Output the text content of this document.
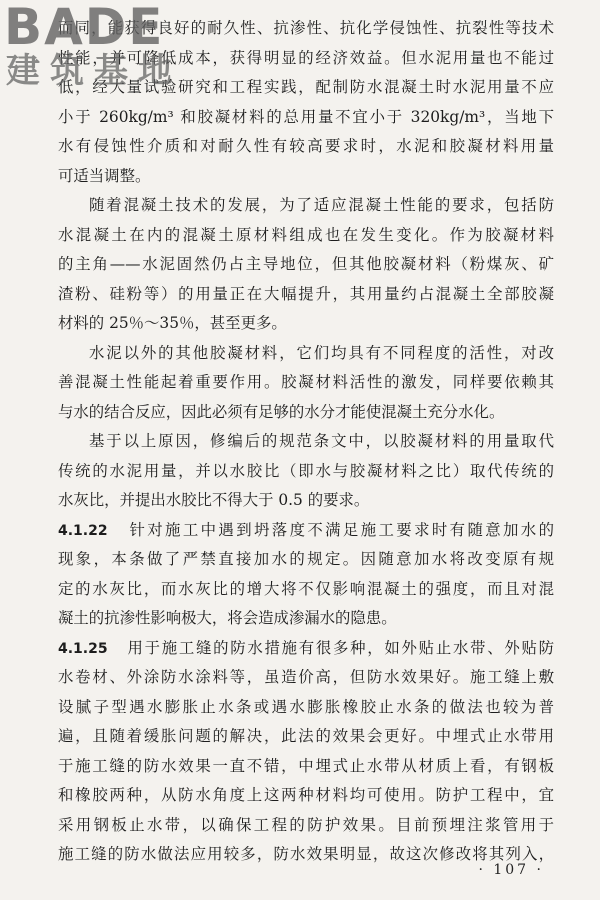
BADE
建筑基地
而同，能获得良好的耐久性、抗渗性、抗化学侵蚀性、抗裂性等技术
性能，并可降低成本，获得明显的经济效益。但水泥用量也不能过
低，经大量试验研究和工程实践，配制防水混凝土时水泥用量不应
小于 260kg/m³ 和胶凝材料的总用量不宜小于 320kg/m³，当地下
水有侵蚀性介质和对耐久性有较高要求时，水泥和胶凝材料用量
可适当调整。
随着混凝土技术的发展，为了适应混凝土性能的要求，包括防
水混凝土在内的混凝土原材料组成也在发生变化。作为胶凝材料
的主角——水泥固然仍占主导地位，但其他胶凝材料（粉煤灰、矿
渣粉、硅粉等）的用量正在大幅提升，其用量约占混凝土全部胶凝
材料的 25％～35％，甚至更多。
水泥以外的其他胶凝材料，它们均具有不同程度的活性，对改
善混凝土性能起着重要作用。胶凝材料活性的激发，同样要依赖其
与水的结合反应，因此必须有足够的水分才能使混凝土充分水化。
基于以上原因，修编后的规范条文中，以胶凝材料的用量取代
传统的水泥用量，并以水胶比（即水与胶凝材料之比）取代传统的
水灰比，并提出水胶比不得大于 0.5 的要求。
4.1.22 针对施工中遇到坍落度不满足施工要求时有随意加水的
现象，本条做了严禁直接加水的规定。因随意加水将改变原有规
定的水灰比，而水灰比的增大将不仅影响混凝土的强度，而且对混
凝土的抗渗性影响极大，将会造成渗漏水的隐患。
4.1.25 用于施工缝的防水措施有很多种，如外贴止水带、外贴防
水卷材、外涂防水涂料等，虽造价高，但防水效果好。施工缝上敷
设腻子型遇水膨胀止水条或遇水膨胀橡胶止水条的做法也较为普
遍，且随着缓胀问题的解决，此法的效果会更好。中埋式止水带用
于施工缝的防水效果一直不错，中埋式止水带从材质上看，有钢板
和橡胶两种，从防水角度上这两种材料均可使用。防护工程中，宜
采用钢板止水带，以确保工程的防护效果。目前预埋注浆管用于
施工缝的防水做法应用较多，防水效果明显，故这次修改将其列入，
· 107 ·
